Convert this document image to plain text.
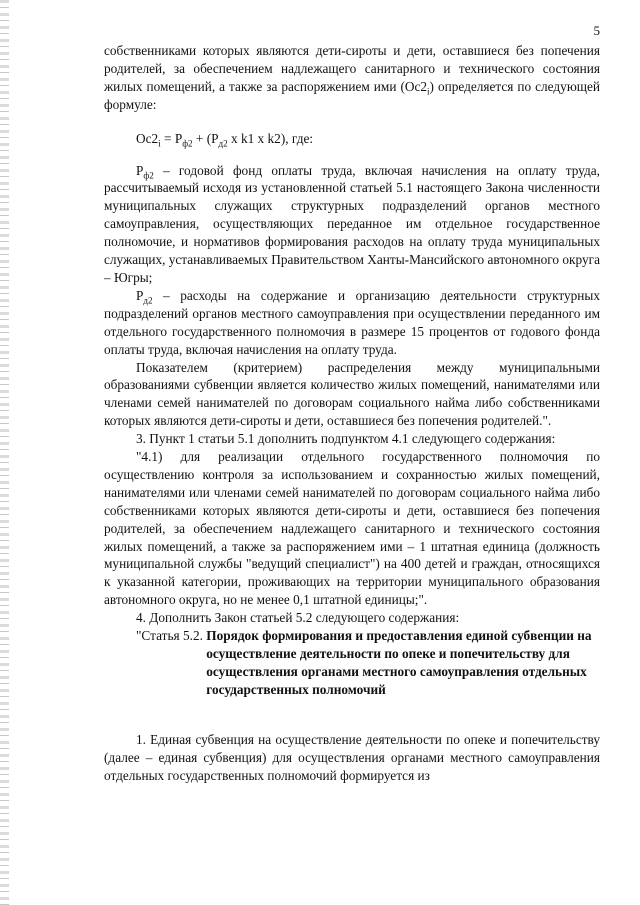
5

собственниками которых являются дети-сироты и дети, оставшиеся без попечения родителей, за обеспечением надлежащего санитарного и технического состояния жилых помещений, а также за распоряжением ими $(Ос2_i)$ определяется по следующей формуле:

$Ос2_i = Р_{ф2} + (Р_{д2}$ х k1 х k2), где:

$Р_{ф2}$ – годовой фонд оплаты труда, включая начисления на оплату труда, рассчитываемый исходя из установленной статьей 5.1 настоящего Закона численности муниципальных служащих структурных подразделений органов местного самоуправления, осуществляющих переданное им отдельное государственное полномочие, и нормативов формирования расходов на оплату труда муниципальных служащих, устанавливаемых Правительством Ханты-Мансийского автономного округа – Югры;

$Р_{д2}$ – расходы на содержание и организацию деятельности структурных подразделений органов местного самоуправления при осуществлении переданного им отдельного государственного полномочия в размере 15 процентов от годового фонда оплаты труда, включая начисления на оплату труда.

Показателем (критерием) распределения между муниципальными образованиями субвенции является количество жилых помещений, нанимателями или членами семей нанимателей по договорам социального найма либо собственниками которых являются дети-сироты и дети, оставшиеся без попечения родителей.".

3. Пункт 1 статьи 5.1 дополнить подпунктом 4.1 следующего содержания:

"4.1) для реализации отдельного государственного полномочия по осуществлению контроля за использованием и сохранностью жилых помещений, нанимателями или членами семей нанимателей по договорам социального найма либо собственниками которых являются дети-сироты и дети, оставшиеся без попечения родителей, за обеспечением надлежащего санитарного и технического состояния жилых помещений, а также за распоряжением ими – 1 штатная единица (должность муниципальной службы "ведущий специалист") на 400 детей и граждан, относящихся к указанной категории, проживающих на территории муниципального образования автономного округа, но не менее 0,1 штатной единицы;".

4. Дополнить Закон статьей 5.2 следующего содержания:

"Статья 5.2. Порядок формирования и предоставления единой субвенции на осуществление деятельности по опеке и попечительству для осуществления органами местного самоуправления отдельных государственных полномочий

1. Единая субвенция на осуществление деятельности по опеке и попечительству (далее – единая субвенция) для осуществления органами местного самоуправления отдельных государственных полномочий формируется из
